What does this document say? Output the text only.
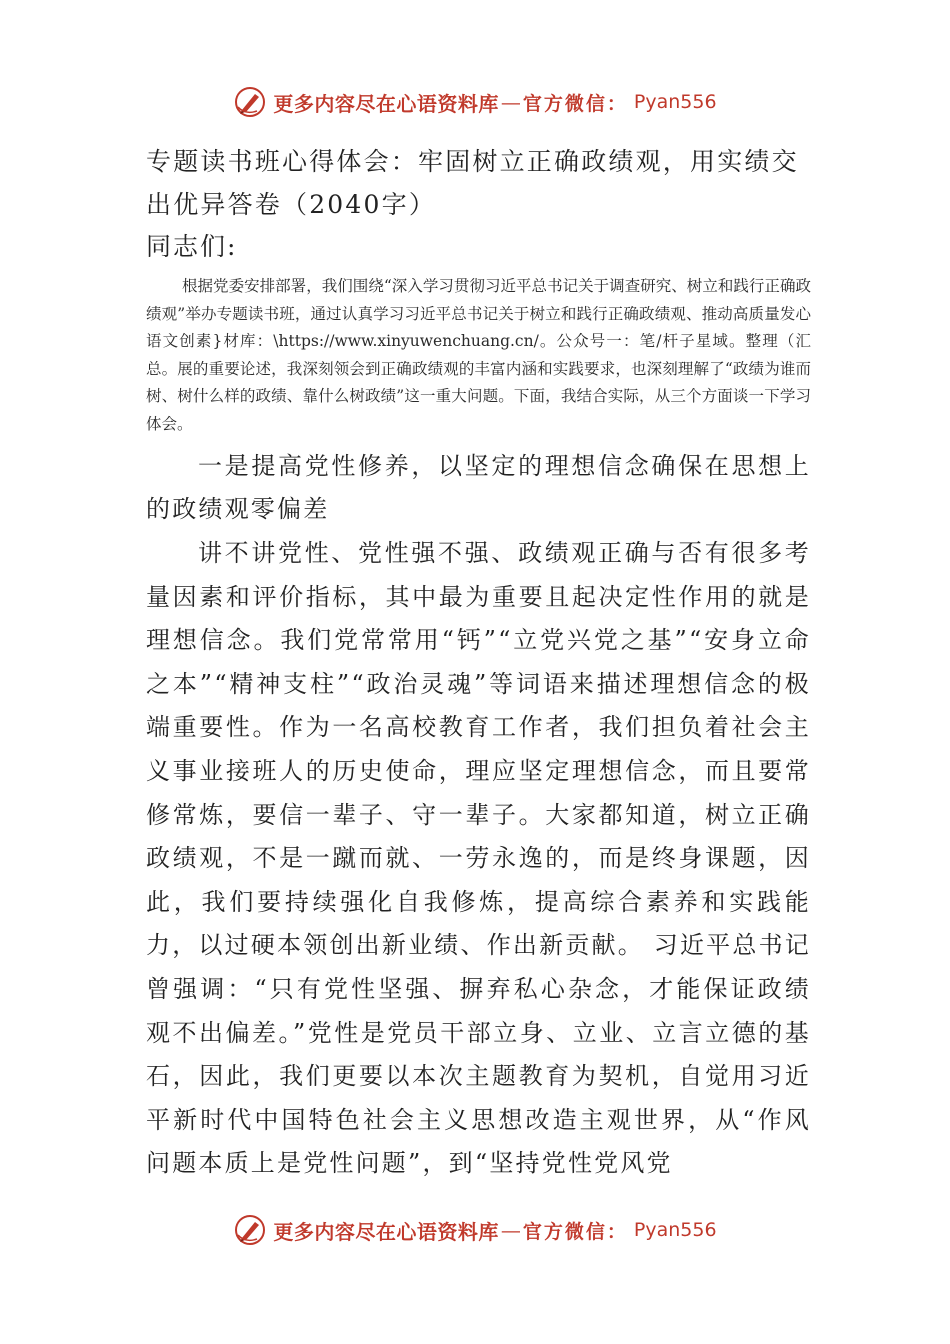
更多内容尽在心语资料库 — 官方微信： Pyan556
专题读书班心得体会：牢固树立正确政绩观，用实绩交出优异答卷（2040字）

同志们:

根据党委安排部署，我们围绕“深入学习贯彻习近平总书记关于调查研究、树立和践行正确政绩观”举办专题读书班，通过认真学习习近平总书记关于树立和践行正确政绩观、推动高质量发心语文创素}材库：\https://www.xinyuwenchuang.cn/。公众号一：笔/杆子星域。整理（汇总。展的重要论述，我深刻领会到正确政绩观的丰富内涵和实践要求，也深刻理解了“政绩为谁而树、树什么样的政绩、靠什么树政绩”这一重大问题。下面，我结合实际，从三个方面谈一下学习体会。

一是提高党性修养，以坚定的理想信念确保在思想上的政绩观零偏差

讲不讲党性、党性强不强、政绩观正确与否有很多考量因素和评价指标，其中最为重要且起决定性作用的就是理想信念。我们党常常用“钙”“立党兴党之基”“安身立命之本”“精神支柱”“政治灵魂”等词语来描述理想信念的极端重要性。作为一名高校教育工作者，我们担负着社会主义事业接班人的历史使命，理应坚定理想信念，而且要常修常炼，要信一辈子、守一辈子。大家都知道，树立正确政绩观，不是一蹴而就、一劳永逸的，而是终身课题，因此，我们要持续强化自我修炼，提高综合素养和实践能力，以过硬本领创出新业绩、作出新贡献。 习近平总书记曾强调：“只有党性坚强、摒弃私心杂念，才能保证政绩观不出偏差。”党性是党员干部立身、立业、立言立德的基石，因此，我们更要以本次主题教育为契机，自觉用习近平新时代中国特色社会主义思想改造主观世界，从“作风问题本质上是党性问题”，到“坚持党性党风党

更多内容尽在心语资料库 — 官方微信： Pyan556
